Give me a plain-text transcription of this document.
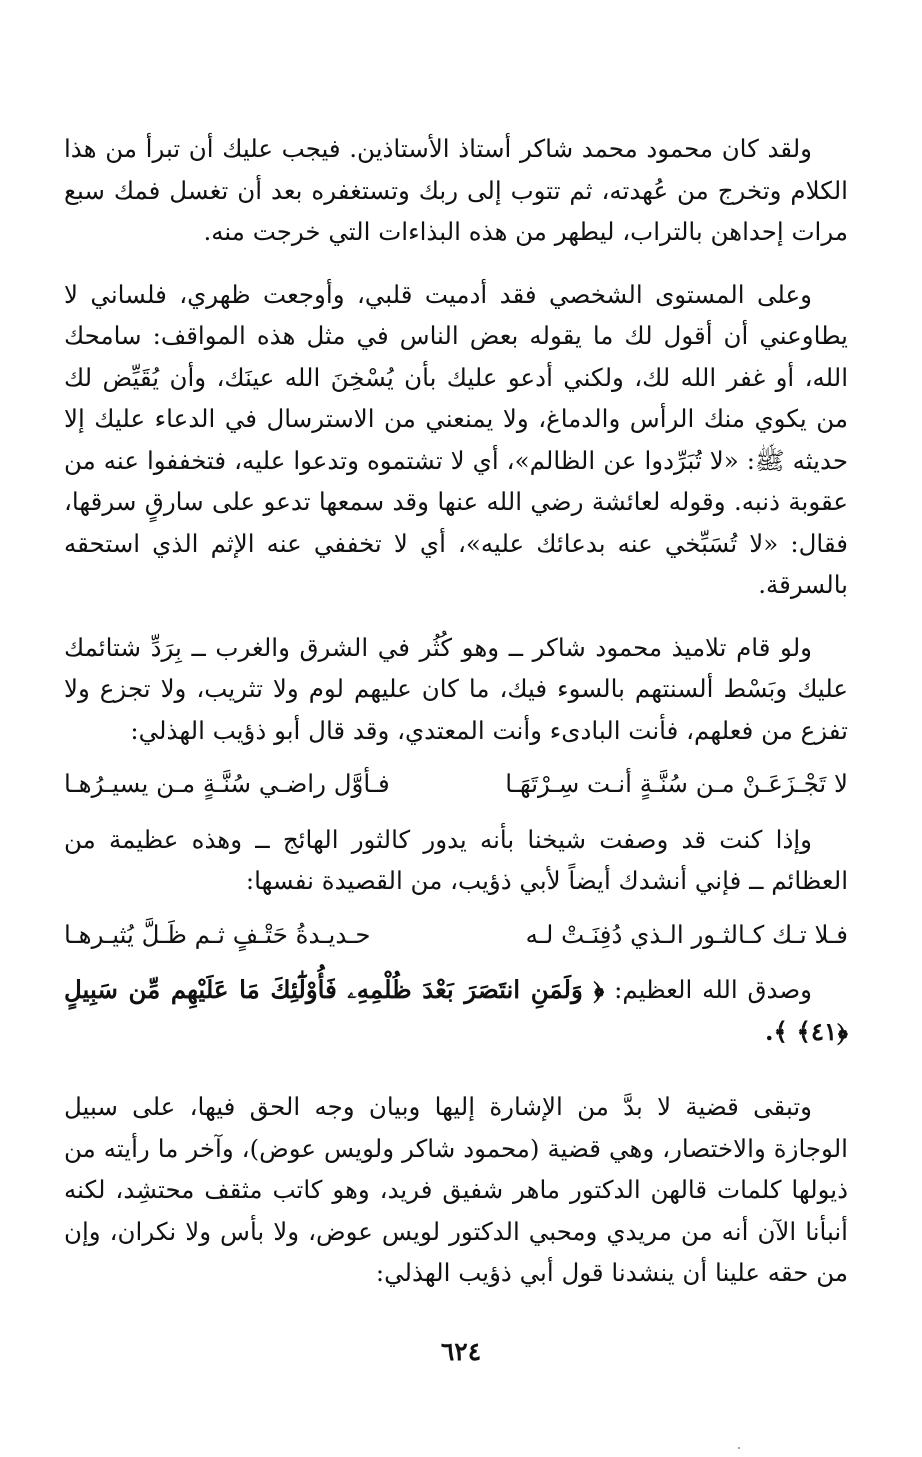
ولقد كان محمود محمد شاكر أستاذ الأستاذين. فيجب عليك أن تبرأ من هذا الكلام وتخرج من عُهدته، ثم تتوب إلى ربك وتستغفره بعد أن تغسل فمك سبع مرات إحداهن بالتراب، ليطهر من هذه البذاءات التي خرجت منه.

وعلى المستوى الشخصي فقد أدميت قلبي، وأوجعت ظهري، فلساني لا يطاوعني أن أقول لك ما يقوله بعض الناس في مثل هذه المواقف: سامحك الله، أو غفر الله لك، ولكني أدعو عليك بأن يُسْخِنَ الله عينَك، وأن يُقَيِّض لك من يكوي منك الرأس والدماغ، ولا يمنعني من الاسترسال في الدعاء عليك إلا حديثه ﷺ: «لا تُبَرِّدوا عن الظالم»، أي لا تشتموه وتدعوا عليه، فتخففوا عنه من عقوبة ذنبه. وقوله لعائشة رضي الله عنها وقد سمعها تدعو على سارقٍ سرقها، فقال: «لا تُسَبِّخي عنه بدعائك عليه»، أي لا تخففي عنه الإثم الذي استحقه بالسرقة.

ولو قام تلاميذ محمود شاكر ــ وهو كُثُر في الشرق والغرب ــ بِرَدِّ شتائمك عليك وبَسْط ألسنتهم بالسوء فيك، ما كان عليهم لوم ولا تثريب، ولا تجزع ولا تفزع من فعلهم، فأنت البادىء وأنت المعتدي، وقد قال أبو ذؤيب الهذلي:

لا تَجْـزَعَـنْ مـن سُنَّـةٍ أنـت سِـرْتَهَـا
فـأوَّل راضـي سُنَّـةٍ مـن يسيـرُهـا

وإذا كنت قد وصفت شيخنا بأنه يدور كالثور الهائج ــ وهذه عظيمة من العظائم ــ فإني أنشدك أيضاً لأبي ذؤيب، من القصيدة نفسها:

فـلا تـك كـالثـور الـذي دُفِنَـتْ لـه
حـديـدةُ حَتْـفٍ ثـم ظَـلَّ يُثيـرهـا

وصدق الله العظيم: ﴿ وَلَمَنِ انتَصَرَ بَعْدَ ظُلْمِهِۦ فَأُوْلَٰٓئِكَ مَا عَلَيْهِم مِّن سَبِيلٍ ﴿٤١﴾ ﴾.

وتبقى قضية لا بدَّ من الإشارة إليها وبيان وجه الحق فيها، على سبيل الوجازة والاختصار، وهي قضية (محمود شاكر ولويس عوض)، وآخر ما رأيته من ذيولها كلمات قالهن الدكتور ماهر شفيق فريد، وهو كاتب مثقف محتشِد، لكنه أنبأنا الآن أنه من مريدي ومحبي الدكتور لويس عوض، ولا بأس ولا نكران، وإن من حقه علينا أن ينشدنا قول أبي ذؤيب الهذلي:

٦٢٤
